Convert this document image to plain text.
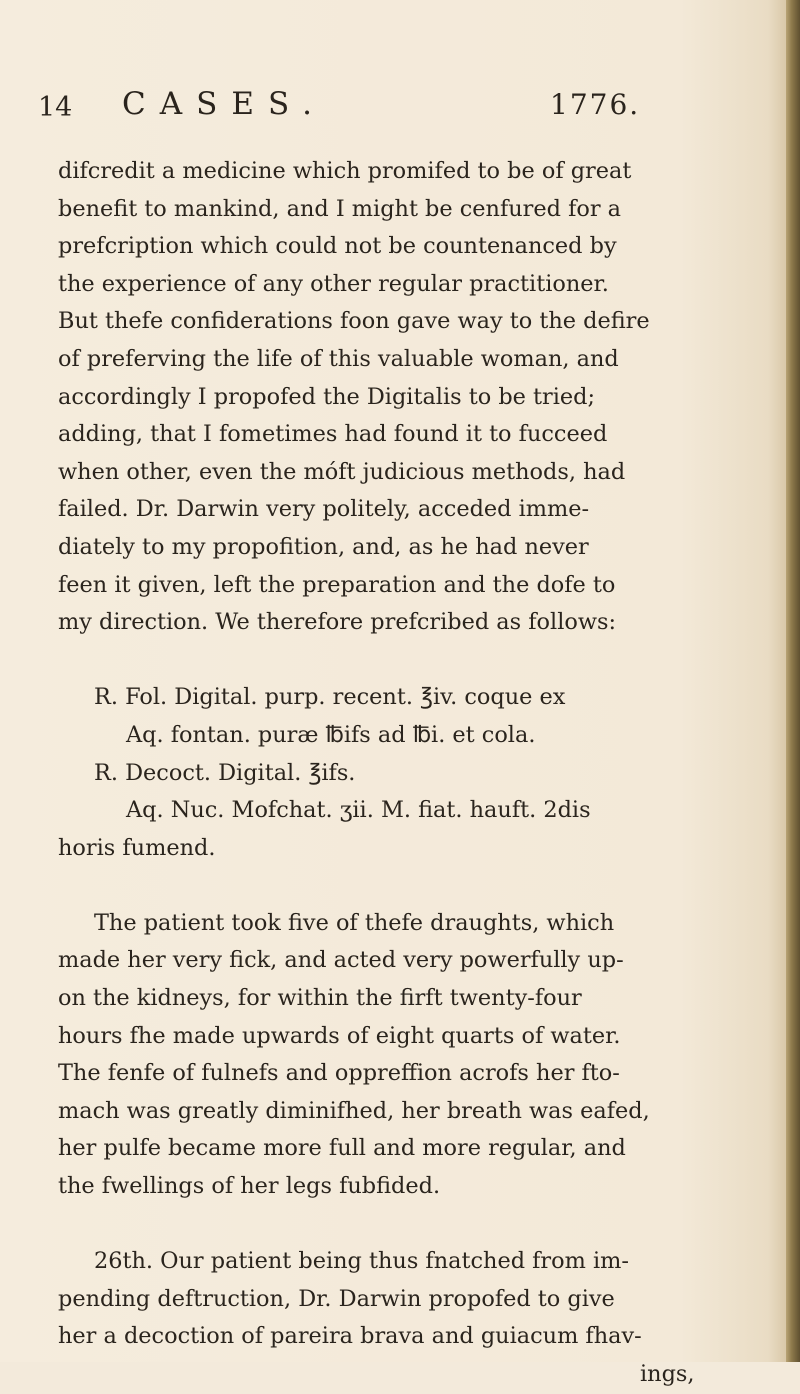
14 CASES.	1776.
difcredit a medicine which promifed to be of great
benefit to mankind, and I might be cenfured for a
prefcription which could not be countenanced by
the experience of any other regular practitioner.
But thefe confiderations foon gave way to the defire
of preferving the life of this valuable woman, and
accordingly I propofed the Digitalis to be tried;
adding, that I fometimes had found it to fucceed
when other, even the móft judicious methods, had
failed. Dr. Darwin very politely, acceded imme-
diately to my propofition, and, as he had never
feen it given, left the preparation and the dofe to
my direction. We therefore prefcribed as follows:
R. Fol. Digital. purp. recent. ℥iv. coque ex
Aq. fontan. puræ ℔ifs ad ℔i. et cola.
R. Decoct. Digital. ℥ifs.
Aq. Nuc. Mofchat. ʒii. M. fiat. hauft. 2dis
horis fumend.
The patient took five of thefe draughts, which
made her very fick, and acted very powerfully up-
on the kidneys, for within the firft twenty-four
hours fhe made upwards of eight quarts of water.
The fenfe of fulnefs and oppreffion acrofs her fto-
mach was greatly diminifhed, her breath was eafed,
her pulfe became more full and more regular, and
the fwellings of her legs fubfided.
26th. Our patient being thus fnatched from im-
pending deftruction, Dr. Darwin propofed to give
her a decoction of pareira brava and guiacum fhav-
ings,
